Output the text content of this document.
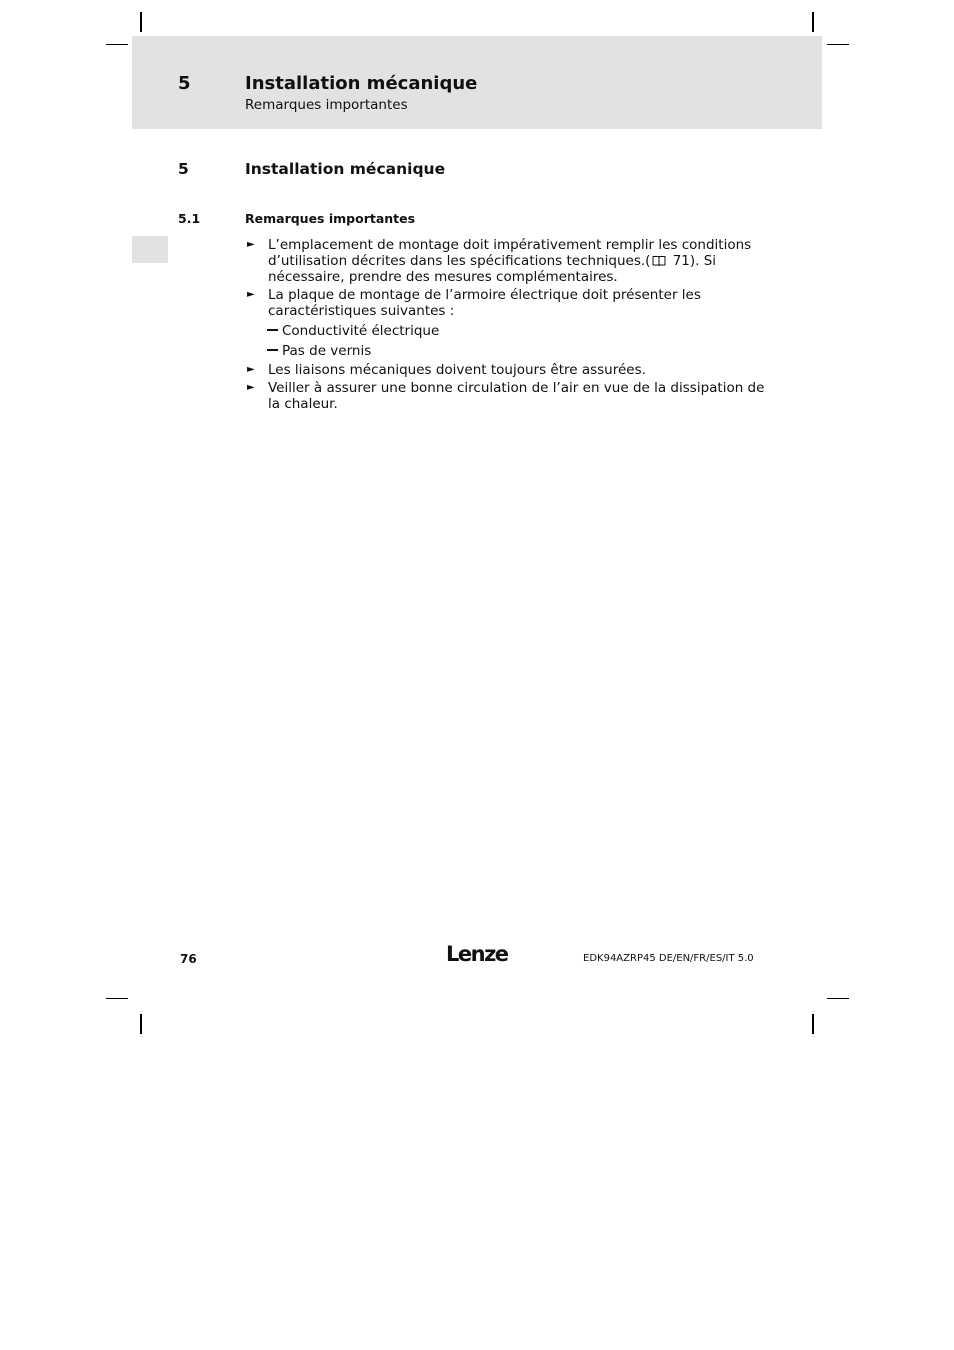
5	Installation mécanique
Remarques importantes
5	Installation mécanique
5.1	Remarques importantes
► L’emplacement de montage doit impérativement remplir les conditions
d’utilisation décrites dans les spécifications techniques.( 71). Si
nécessaire, prendre des mesures complémentaires.
► La plaque de montage de l’armoire électrique doit présenter les
caractéristiques suivantes :
Conductivité électrique
Pas de vernis
► Les liaisons mécaniques doivent toujours être assurées.
► Veiller à assurer une bonne circulation de l’air en vue de la dissipation de
la chaleur.
76	Lenze	EDK94AZRP45 DE/EN/FR/ES/IT 5.0
